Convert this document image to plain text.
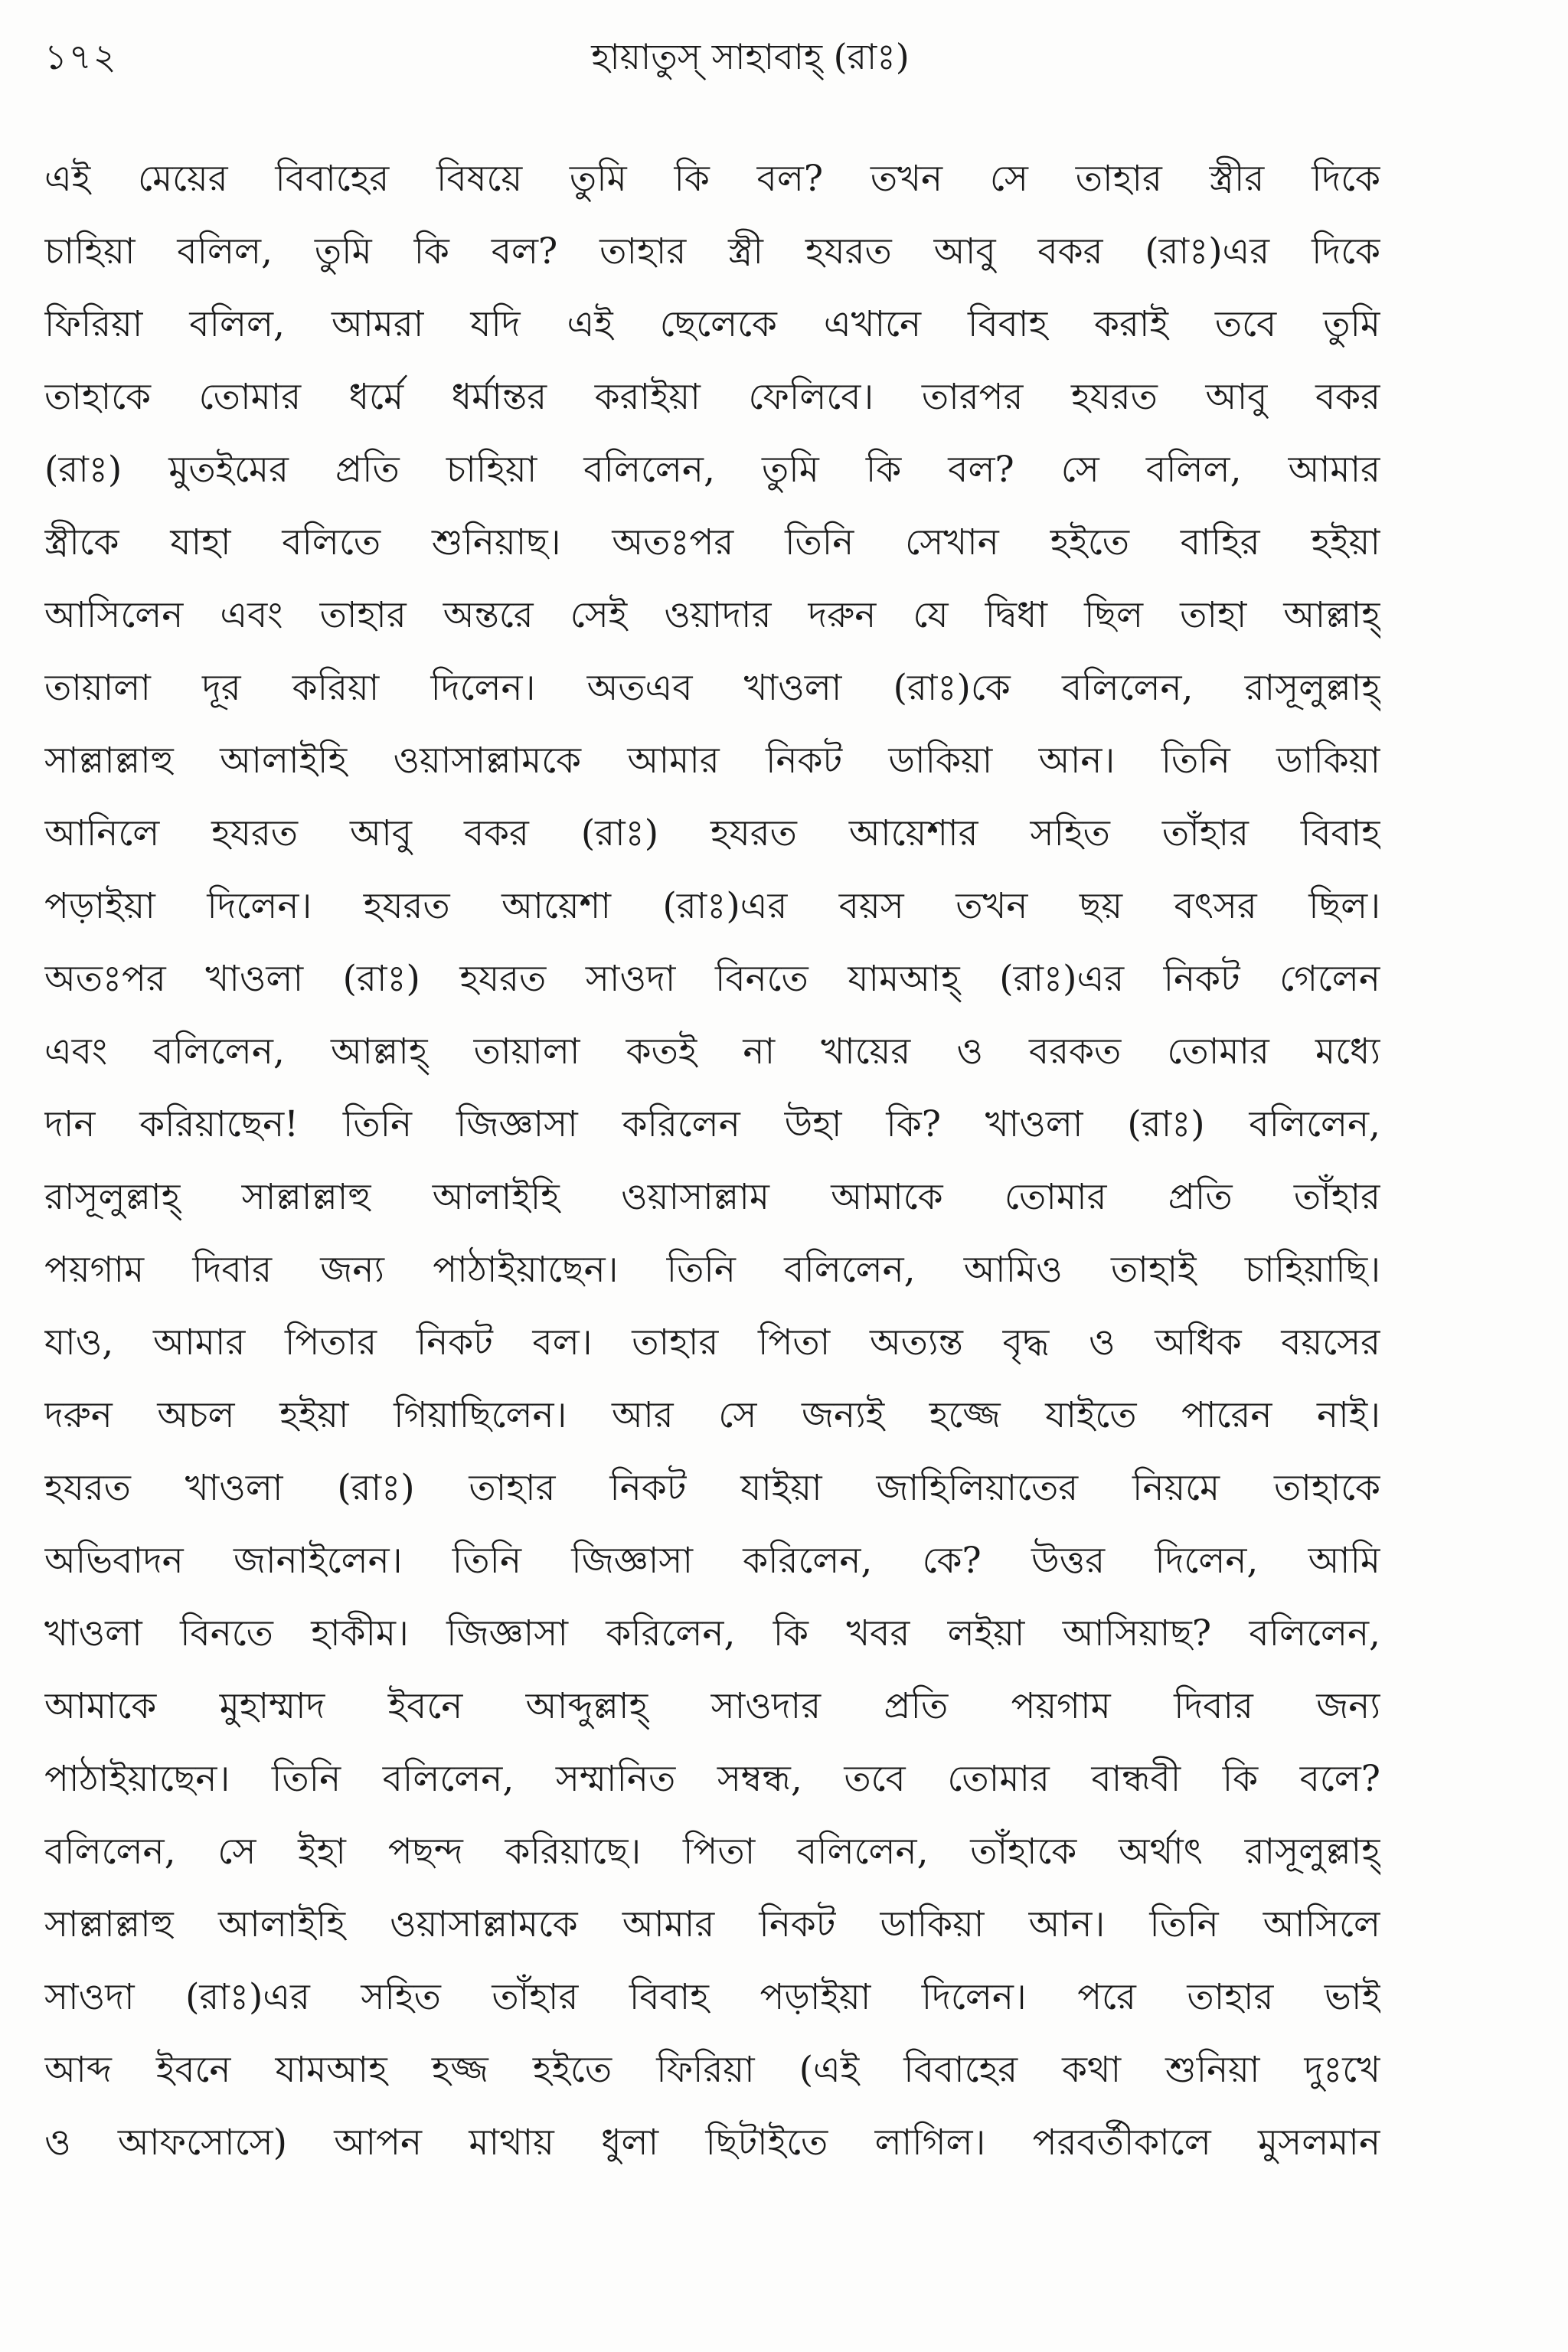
১৭২	হায়াতুস্ সাহাবাহ্ (রাঃ)
এই মেয়ের বিবাহের বিষয়ে তুমি কি বল? তখন সে তাহার স্ত্রীর দিকে
চাহিয়া বলিল, তুমি কি বল? তাহার স্ত্রী হযরত আবু বকর (রাঃ)এর দিকে
ফিরিয়া বলিল, আমরা যদি এই ছেলেকে এখানে বিবাহ করাই তবে তুমি
তাহাকে তোমার ধর্মে ধর্মান্তর করাইয়া ফেলিবে। তারপর হযরত আবু বকর
(রাঃ) মুতইমের প্রতি চাহিয়া বলিলেন, তুমি কি বল? সে বলিল, আমার
স্ত্রীকে যাহা বলিতে শুনিয়াছ। অতঃপর তিনি সেখান হইতে বাহির হইয়া
আসিলেন এবং তাহার অন্তরে সেই ওয়াদার দরুন যে দ্বিধা ছিল তাহা আল্লাহ্
তায়ালা দূর করিয়া দিলেন। অতএব খাওলা (রাঃ)কে বলিলেন, রাসূলুল্লাহ্
সাল্লাল্লাহু আলাইহি ওয়াসাল্লামকে আমার নিকট ডাকিয়া আন। তিনি ডাকিয়া
আনিলে হযরত আবু বকর (রাঃ) হযরত আয়েশার সহিত তাঁহার বিবাহ
পড়াইয়া দিলেন। হযরত আয়েশা (রাঃ)এর বয়স তখন ছয় বৎসর ছিল।
অতঃপর খাওলা (রাঃ) হযরত সাওদা বিনতে যামআহ্ (রাঃ)এর নিকট গেলেন
এবং বলিলেন, আল্লাহ্ তায়ালা কতই না খায়ের ও বরকত তোমার মধ্যে
দান করিয়াছেন! তিনি জিজ্ঞাসা করিলেন উহা কি? খাওলা (রাঃ) বলিলেন,
রাসূলুল্লাহ্ সাল্লাল্লাহু আলাইহি ওয়াসাল্লাম আমাকে তোমার প্রতি তাঁহার
পয়গাম দিবার জন্য পাঠাইয়াছেন। তিনি বলিলেন, আমিও তাহাই চাহিয়াছি।
যাও, আমার পিতার নিকট বল। তাহার পিতা অত্যন্ত বৃদ্ধ ও অধিক বয়সের
দরুন অচল হইয়া গিয়াছিলেন। আর সে জন্যই হজ্জে যাইতে পারেন নাই।
হযরত খাওলা (রাঃ) তাহার নিকট যাইয়া জাহিলিয়াতের নিয়মে তাহাকে
অভিবাদন জানাইলেন। তিনি জিজ্ঞাসা করিলেন, কে? উত্তর দিলেন, আমি
খাওলা বিনতে হাকীম। জিজ্ঞাসা করিলেন, কি খবর লইয়া আসিয়াছ? বলিলেন,
আমাকে মুহাম্মাদ ইবনে আব্দুল্লাহ্ সাওদার প্রতি পয়গাম দিবার জন্য
পাঠাইয়াছেন। তিনি বলিলেন, সম্মানিত সম্বন্ধ, তবে তোমার বান্ধবী কি বলে?
বলিলেন, সে ইহা পছন্দ করিয়াছে। পিতা বলিলেন, তাঁহাকে অর্থাৎ রাসূলুল্লাহ্
সাল্লাল্লাহু আলাইহি ওয়াসাল্লামকে আমার নিকট ডাকিয়া আন। তিনি আসিলে
সাওদা (রাঃ)এর সহিত তাঁহার বিবাহ পড়াইয়া দিলেন। পরে তাহার ভাই
আব্দ ইবনে যামআহ হজ্জ হইতে ফিরিয়া (এই বিবাহের কথা শুনিয়া দুঃখে
ও আফসোসে) আপন মাথায় ধুলা ছিটাইতে লাগিল। পরবর্তীকালে মুসলমান
